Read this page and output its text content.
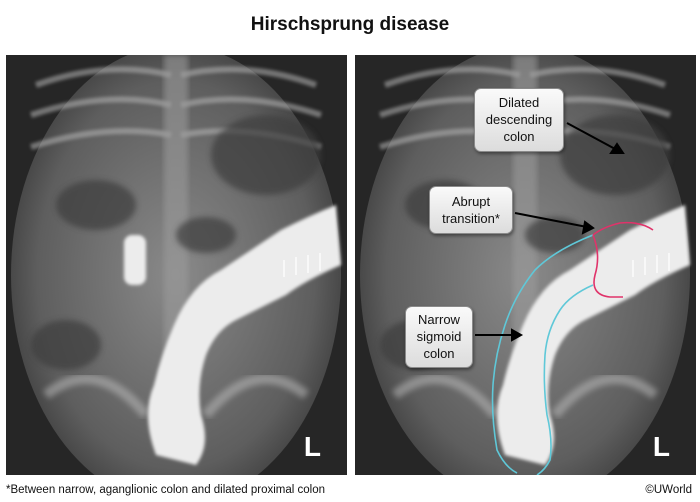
Hirschsprung disease
L	L
Dilated descending colon
Abrupt transition*
Narrow sigmoid colon
*Between narrow, aganglionic colon and dilated proximal colon	©UWorld
